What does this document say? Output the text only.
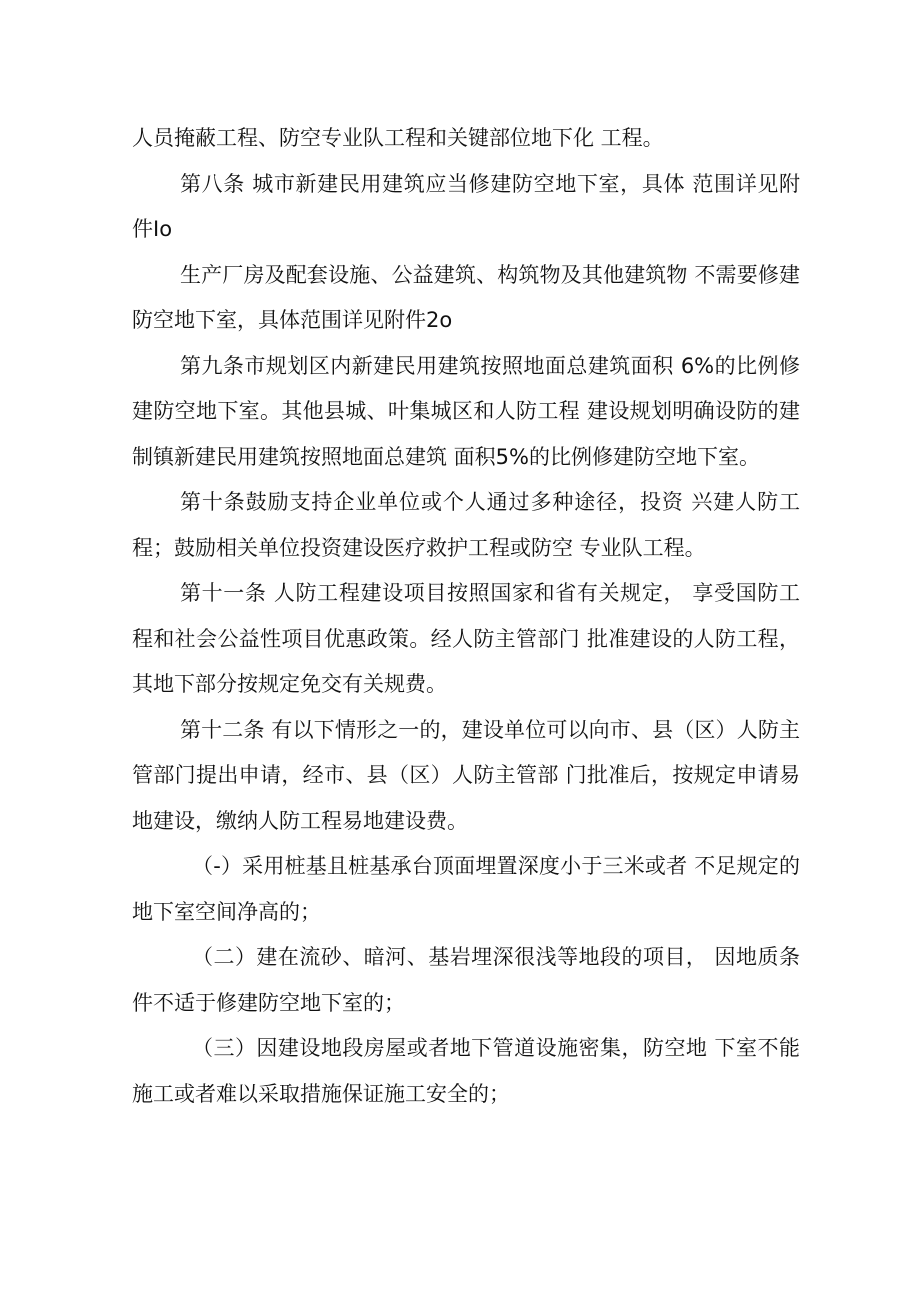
人员掩蔽工程、防空专业队工程和关键部位地下化 工程。

第八条 城市新建民用建筑应当修建防空地下室，具体 范围详见附件Io

生产厂房及配套设施、公益建筑、构筑物及其他建筑物 不需要修建防空地下室，具体范围详见附件2o

第九条市规划区内新建民用建筑按照地面总建筑面积 6%的比例修建防空地下室。其他县城、叶集城区和人防工程 建设规划明确设防的建制镇新建民用建筑按照地面总建筑 面积5%的比例修建防空地下室。

第十条鼓励支持企业单位或个人通过多种途径，投资 兴建人防工程；鼓励相关单位投资建设医疗救护工程或防空 专业队工程。

第十一条 人防工程建设项目按照国家和省有关规定， 享受国防工程和社会公益性项目优惠政策。经人防主管部门 批准建设的人防工程，其地下部分按规定免交有关规费。

第十二条 有以下情形之一的，建设单位可以向市、县（区）人防主管部门提出申请，经市、县（区）人防主管部 门批准后，按规定申请易地建设，缴纳人防工程易地建设费。

（-）采用桩基且桩基承台顶面埋置深度小于三米或者 不足规定的地下室空间净高的；

（二）建在流砂、暗河、基岩埋深很浅等地段的项目， 因地质条件不适于修建防空地下室的；

（三）因建设地段房屋或者地下管道设施密集，防空地 下室不能施工或者难以采取措施保证施工安全的；
